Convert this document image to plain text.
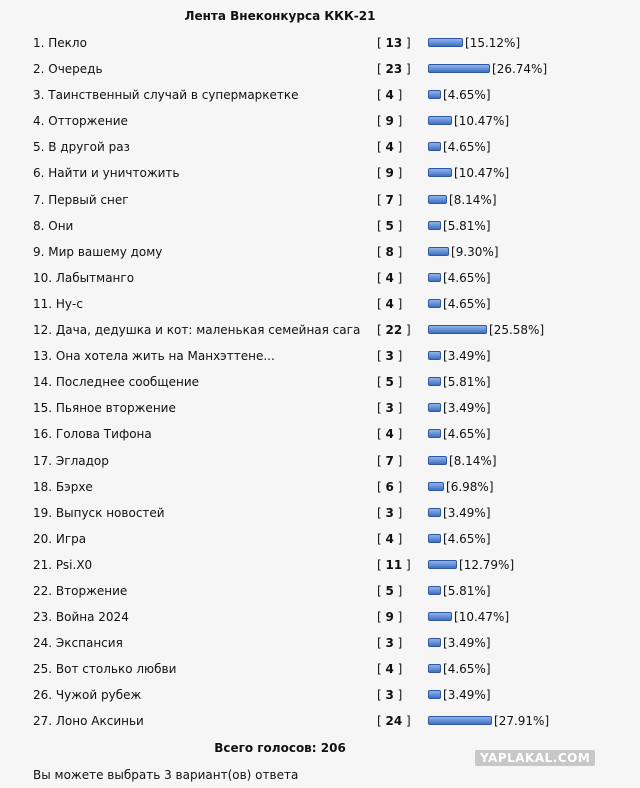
Лента Внеконкурса ККК-21
1. Пекло	[ 13 ]	[15.12%]
2. Очередь	[ 23 ]	[26.74%]
3. Таинственный случай в супермаркетке	[ 4 ]	[4.65%]
4. Отторжение	[ 9 ]	[10.47%]
5. В другой раз	[ 4 ]	[4.65%]
6. Найти и уничтожить	[ 9 ]	[10.47%]
7. Первый снег	[ 7 ]	[8.14%]
8. Они	[ 5 ]	[5.81%]
9. Мир вашему дому	[ 8 ]	[9.30%]
10. Лабытманго	[ 4 ]	[4.65%]
11. Ну-с	[ 4 ]	[4.65%]
12. Дача, дедушка и кот: маленькая семейная сага [ 22 ]	[25.58%]
13. Она хотела жить на Манхэттене...	[ 3 ]	[3.49%]
14. Последнее сообщение	[ 5 ]	[5.81%]
15. Пьяное вторжение	[ 3 ]	[3.49%]
16. Голова Тифона	[ 4 ]	[4.65%]
17. Эгладор	[ 7 ]	[8.14%]
18. Бэрхе	[ 6 ]	[6.98%]
19. Выпуск новостей	[ 3 ]	[3.49%]
20. Игра	[ 4 ]	[4.65%]
21. Psi.X0	[ 11 ]	[12.79%]
22. Вторжение	[ 5 ]	[5.81%]
23. Война 2024	[ 9 ]	[10.47%]
24. Экспансия	[ 3 ]	[3.49%]
25. Вот столько любви	[ 4 ]	[4.65%]
26. Чужой рубеж	[ 3 ]	[3.49%]
27. Лоно Аксиньи	[ 24 ]	[27.91%]
Всего голосов: 206
Вы можете выбрать 3 вариант(ов) ответа
YAPLAKAL.COM
